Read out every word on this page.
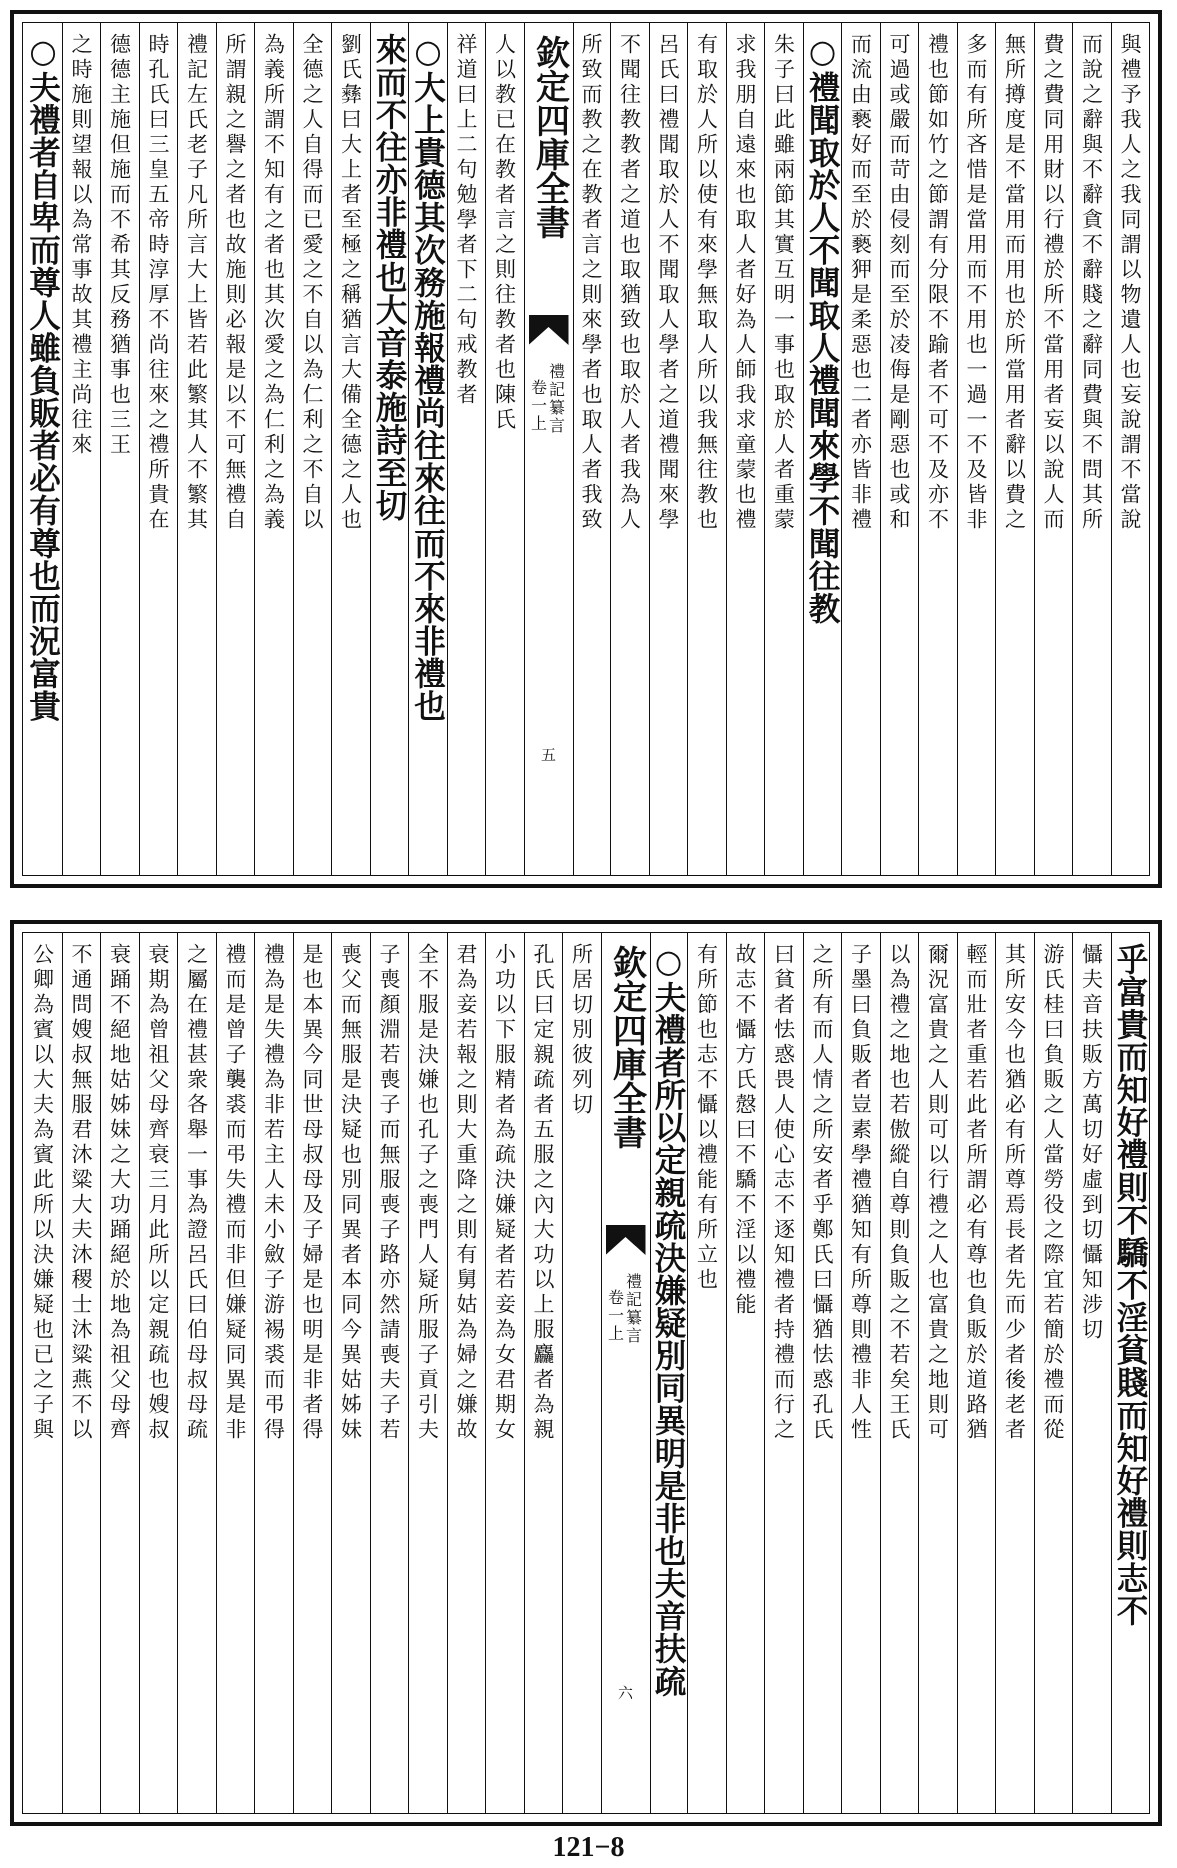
與禮予我人之我同謂以物遺人也妄說謂不當說
而說之辭與不辭貪不辭賤之辭同費與不問其所
費之費同用財以行禮於所不當用者妄以說人而
無所撙度是不當用而用也於所當用者辭以費之
多而有所吝惜是當用而不用也一過一不及皆非
禮也節如竹之節謂有分限不踰者不可不及亦不
可過或嚴而苛由侵刻而至於凌侮是剛惡也或和
而流由褻好而至於褻狎是柔惡也二者亦皆非禮
○禮聞取於人不聞取人禮聞來學不聞往教
朱子曰此雖兩節其實互明一事也取於人者重蒙
求我朋自遠來也取人者好為人師我求童蒙也禮
有取於人所以使有來學無取人所以我無往教也
呂氏曰禮聞取於人不聞取人學者之道禮聞來學
不聞往教教者之道也取猶致也取於人者我為人
所致而教之在教者言之則來學者也取人者我致
欽定四庫全書
禮記纂言
卷一上
五
人以教已在教者言之則往教者也陳氏
祥道曰上二句勉學者下二句戒教者
○大上貴德其次務施報禮尚往來往而不來非禮也
來而不往亦非禮也大音泰施詩至切
劉氏彝曰大上者至極之稱猶言大備全德之人也
全德之人自得而已愛之不自以為仁利之不自以
為義所謂不知有之者也其次愛之為仁利之為義
所謂親之譽之者也故施則必報是以不可無禮自
禮記左氏老子凡所言大上皆若此繁其人不繁其
時孔氏曰三皇五帝時淳厚不尚往來之禮所貴在
德德主施但施而不希其反務猶事也三王
之時施則望報以為常事故其禮主尚往來
○夫禮者自卑而尊人雖負販者必有尊也而況富貴
乎富貴而知好禮則不驕不淫貧賤而知好禮則志不
懾夫音扶販方萬切好虛到切懾知涉切
游氏桂曰負販之人當勞役之際宜若簡於禮而從
其所安今也猶必有所尊焉長者先而少者後老者
輕而壯者重若此者所謂必有尊也負販於道路猶
爾況富貴之人則可以行禮之人也富貴之地則可
以為禮之地也若傲縱自尊則負販之不若矣王氏
子墨曰負販者豈素學禮猶知有所尊則禮非人性
之所有而人情之所安者乎鄭氏曰懾猶怯惑孔氏
曰貧者怯惑畏人使心志不逐知禮者持禮而行之
故志不懾方氏慤曰不驕不淫以禮能
有所節也志不懾以禮能有所立也
○夫禮者所以定親疏決嫌疑別同異明是非也夫音扶疏
欽定四庫全書
禮記纂言
卷一上
六
所居切別彼列切
孔氏曰定親疏者五服之內大功以上服麤者為親
小功以下服精者為疏決嫌疑者若妾為女君期女
君為妾若報之則大重降之則有舅姑為婦之嫌故
全不服是決嫌也孔子之喪門人疑所服子貢引夫
子喪顏淵若喪子而無服喪子路亦然請喪夫子若
喪父而無服是決疑也別同異者本同今異姑姊妹
是也本異今同世母叔母及子婦是也明是非者得
禮為是失禮為非若主人未小斂子游裼裘而弔得
禮而是曾子襲裘而弔失禮而非但嫌疑同異是非
之屬在禮甚衆各舉一事為證呂氏曰伯母叔母疏
衰期為曾祖父母齊衰三月此所以定親疏也嫂叔
衰踊不絕地姑姊妹之大功踊絕於地為祖父母齊
不通問嫂叔無服君沐粱大夫沐稷士沐粱燕不以
公卿為賓以大夫為賓此所以決嫌疑也已之子與
121−8
